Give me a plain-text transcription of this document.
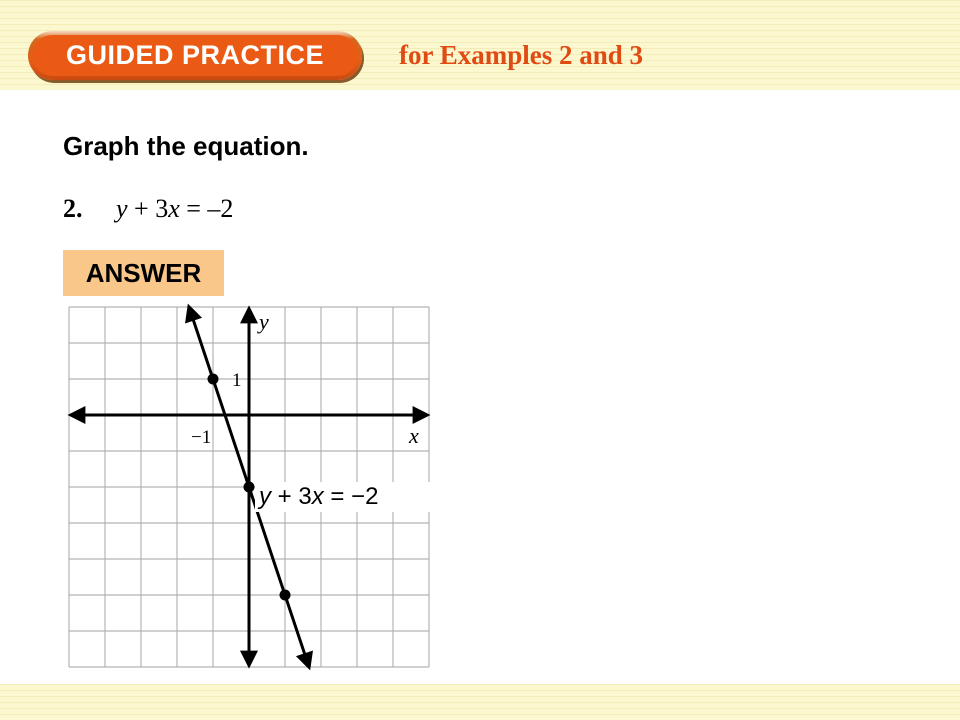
GUIDED PRACTICE	for Examples 2 and 3
Graph the equation.
2. y + 3x = –2
ANSWER
y
x
−1
1
y + 3x = −2
